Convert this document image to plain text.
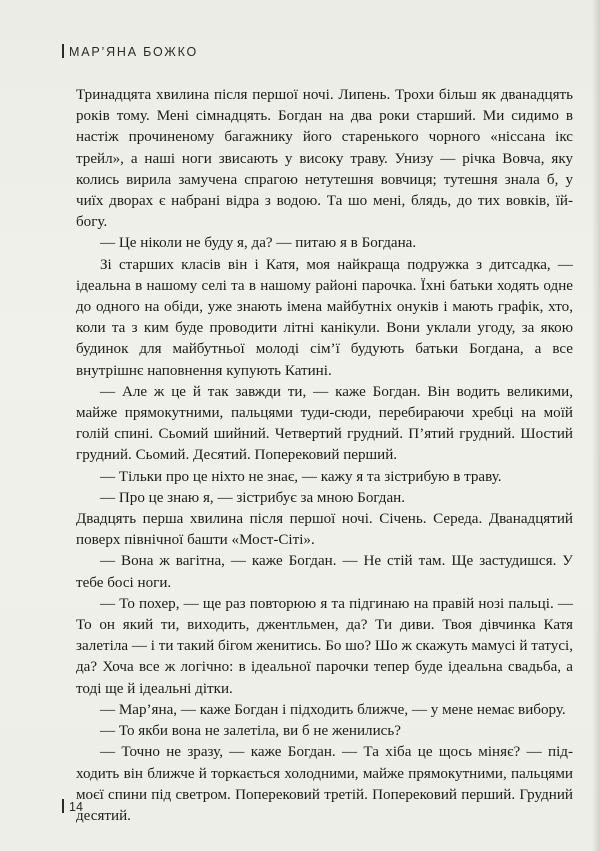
МАР’ЯНА БОЖКО

Тринадцята хвилина після першої ночі. Липень. Трохи більш як дванадцять років тому. Мені сімнадцять. Богдан на два роки старший. Ми сидимо в настіж прочиненому багажнику його старенького чорного «ніссана ікс трейл», а наші ноги звисають у високу траву. Унизу — річка Вовча, яку колись вирила замучена спрагою нетутешня вовчиця; тутешня знала б, у чиїх дворах є набрані відра з водою. Та шо мені, блядь, до тих вовків, їй-богу.

— Це ніколи не буду я, да? — питаю я в Богдана.

Зі старших класів він і Катя, моя найкраща подружка з дитсадка, — ідеальна в нашому селі та в нашому районі парочка. Їхні батьки ходять одне до одного на обіди, уже знають імена майбутніх онуків і мають графік, хто, коли та з ким буде проводити літні канікули. Вони уклали угоду, за якою будинок для майбутньої молоді сім’ї будують батьки Богдана, а все внутрішнє наповнення купують Катині.

— Але ж це й так завжди ти, — каже Богдан. Він водить великими, майже прямокутними, пальцями туди-сюди, перебираючи хребці на моїй голій спині. Сьомий шийний. Четвертий грудний. П’ятий грудний. Шостий грудний. Сьомий. Десятий. Поперековий перший.

— Тільки про це ніхто не знає, — кажу я та зістрибую в траву.

— Про це знаю я, — зістрибує за мною Богдан.

Двадцять перша хвилина після першої ночі. Січень. Середа. Дванадцятий поверх північної башти «Мост-Сіті».

— Вона ж вагітна, — каже Богдан. — Не стій там. Ще застудишся. У тебе босі ноги.

— То похер, — ще раз повторюю я та підгинаю на правій нозі пальці. — То он який ти, виходить, джентльмен, да? Ти диви. Твоя дівчинка Катя залетіла — і ти такий бігом женитись. Бо шо? Шо ж скажуть мамусі й татусі, да? Хоча все ж логічно: в ідеальної парочки тепер буде ідеальна свадьба, а тоді ще й ідеальні дітки.

— Мар’яна, — каже Богдан і підходить ближче, — у мене немає вибору.

— То якби вона не залетіла, ви б не женились?

— Точно не зразу, — каже Богдан. — Та хіба це щось міняє? — підходить він ближче й торкається холодними, майже прямокутними, пальцями моєї спини під светром. Поперековий третій. Поперековий перший. Грудний десятий.

14
